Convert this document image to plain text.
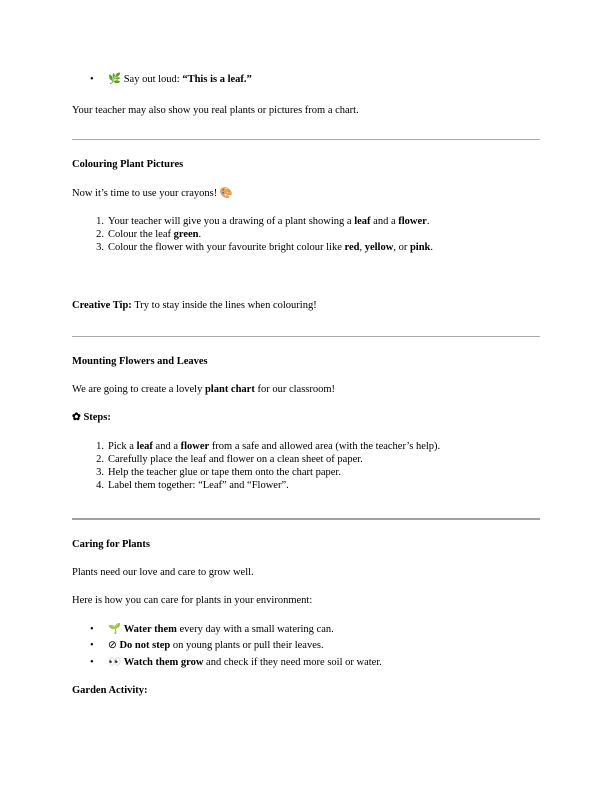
• 🌿 Say out loud: “This is a leaf.”
Your teacher may also show you real plants or pictures from a chart.
Colouring Plant Pictures
Now it’s time to use your crayons! 🎨
1. Your teacher will give you a drawing of a plant showing a leaf and a flower.
2. Colour the leaf green.
3. Colour the flower with your favourite bright colour like red, yellow, or pink.
Creative Tip: Try to stay inside the lines when colouring!
Mounting Flowers and Leaves
We are going to create a lovely plant chart for our classroom!
✿ Steps:
1. Pick a leaf and a flower from a safe and allowed area (with the teacher’s help).
2. Carefully place the leaf and flower on a clean sheet of paper.
3. Help the teacher glue or tape them onto the chart paper.
4. Label them together: “Leaf” and “Flower”.
Caring for Plants
Plants need our love and care to grow well.
Here is how you can care for plants in your environment:
• 🌱 Water them every day with a small watering can.
• ⊘ Do not step on young plants or pull their leaves.
• 👀 Watch them grow and check if they need more soil or water.
Garden Activity:
